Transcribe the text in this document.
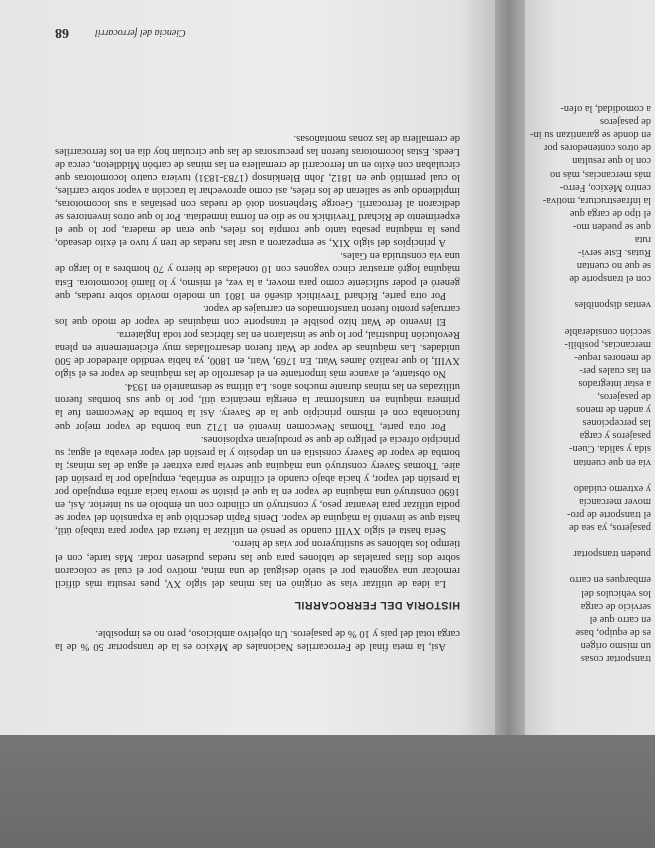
Así, la meta final de Ferrocarriles Nacionales de México es la de transportar 50 % de la carga total del país y 10 % de pasajeros. Un objetivo ambicioso, pero no es imposible.

HISTORIA DEL FERROCARRIL

La idea de utilizar vías se originó en las minas del siglo XV, pues resulta más difícil remolcar una vagoneta por el suelo desigual de una mina, motivo por el cual se colocaron sobre dos filas paralelas de tablones para que las ruedas pudiesen rodar. Más tarde, con el tiempo los tablones se sustituyeron por vías de hierro.

Sería hasta el siglo XVIII cuando se pensó en utilizar la fuerza del vapor para trabajo útil, hasta que se inventó la máquina de vapor. Denis Papin describió que la expansión del vapor se podía utilizar para levantar peso, y construyó un cilindro con un émbolo en su interior. Así, en 1690 construyó una máquina de vapor en la que el pistón se movía hacia arriba empujado por la presión del vapor, y hacia abajo cuando el cilindro se enfriaba, empujado por la presión del aire. Thomas Savery construyó una máquina que servía para extraer el agua de las minas; la bomba de vapor de Savery consistía en un depósito y la presión del vapor elevaba el agua; su principio ofrecía el peligro de que se produjeran explosiones.

Por otra parte, Thomas Newcomen inventó en 1712 una bomba de vapor mejor que funcionaba con el mismo principio que la de Savery. Así la bomba de Newcomen fue la primera máquina en transformar la energía mecánica útil, por lo que sus bombas fueron utilizadas en las minas durante muchos años. La última se desmanteló en 1934.

No obstante, el avance más importante en el desarrollo de las máquinas de vapor es el siglo XVIII, lo que realizó James Watt. En 1769, Watt, en 1800, ya había vendido alrededor de 500 unidades. Las máquinas de vapor de Watt fueron desarrolladas muy eficientemente en plena Revolución Industrial, por lo que se instalaron en las fábricas por toda Inglaterra.

El invento de Watt hizo posible el transporte con máquinas de vapor de modo que los carruajes pronto fueron transformados en carruajes de vapor.

Por otra parte, Richard Trevithick diseñó en 1801 un modelo movido sobre ruedas, que generó el poder suficiente como para mover, a la vez, el mismo, y lo llamó locomotora. Esta máquina logró arrastrar cinco vagones con 10 toneladas de hierro y 70 hombres a lo largo de una vía construida en Gales.

A principios del siglo XIX, se empezaron a usar las ruedas de tren y tuvo el éxito deseado, pues la máquina pesaba tanto que rompía los rieles, que eran de madera, por lo que el experimento de Richard Trevithick no se dio en forma inmediata. Por lo que otros inventores se dedicaron al ferrocarril. George Stephenson dotó de ruedas con pestañas a sus locomotoras, impidiendo que se salieran de los rieles, así como aprovechar la tracción a vapor sobre carriles, lo cual permitió que en 1812, John Blenkinsop (1783-1831) tuviera cuatro locomotoras que circulaban con éxito en un ferrocarril de cremallera en las minas de carbón Middleton, cerca de Leeds. Estas locomotoras fueron las precursoras de las que circulan hoy día en los ferrocarriles de cremallera de las zonas montañosas.

Ciencia del ferrocarril
68
transportar cosas
un mismo origen
es de equipo, base
en carro que el
servicio de carga
los vehículos del
embarques en carro

pueden transportar

pasajeros, ya sea de
el transporte de pro-
mover mercancía
y extremo cuidado

vía en que cuentan
sida y salida. Cuen-
pasajeros y carga
las percepciones
y andén de menos
de pasajeros,
a estar integrados
en las cuales per-
de menores reque-
mercancías, posibili-
sección considerable

ventas disponibles

con el transporte de
se que no cuentan
Rutas. Este servi-
ruta
que se pueden mo-
el tipo de carga que
la infraestructura, motiva-
centro México, Ferro-
más mercancías, más no
con lo que resultan
de otros contenedores por
en donde se garantizan su in-
de pasajeros
a comodidad, la ofen-
